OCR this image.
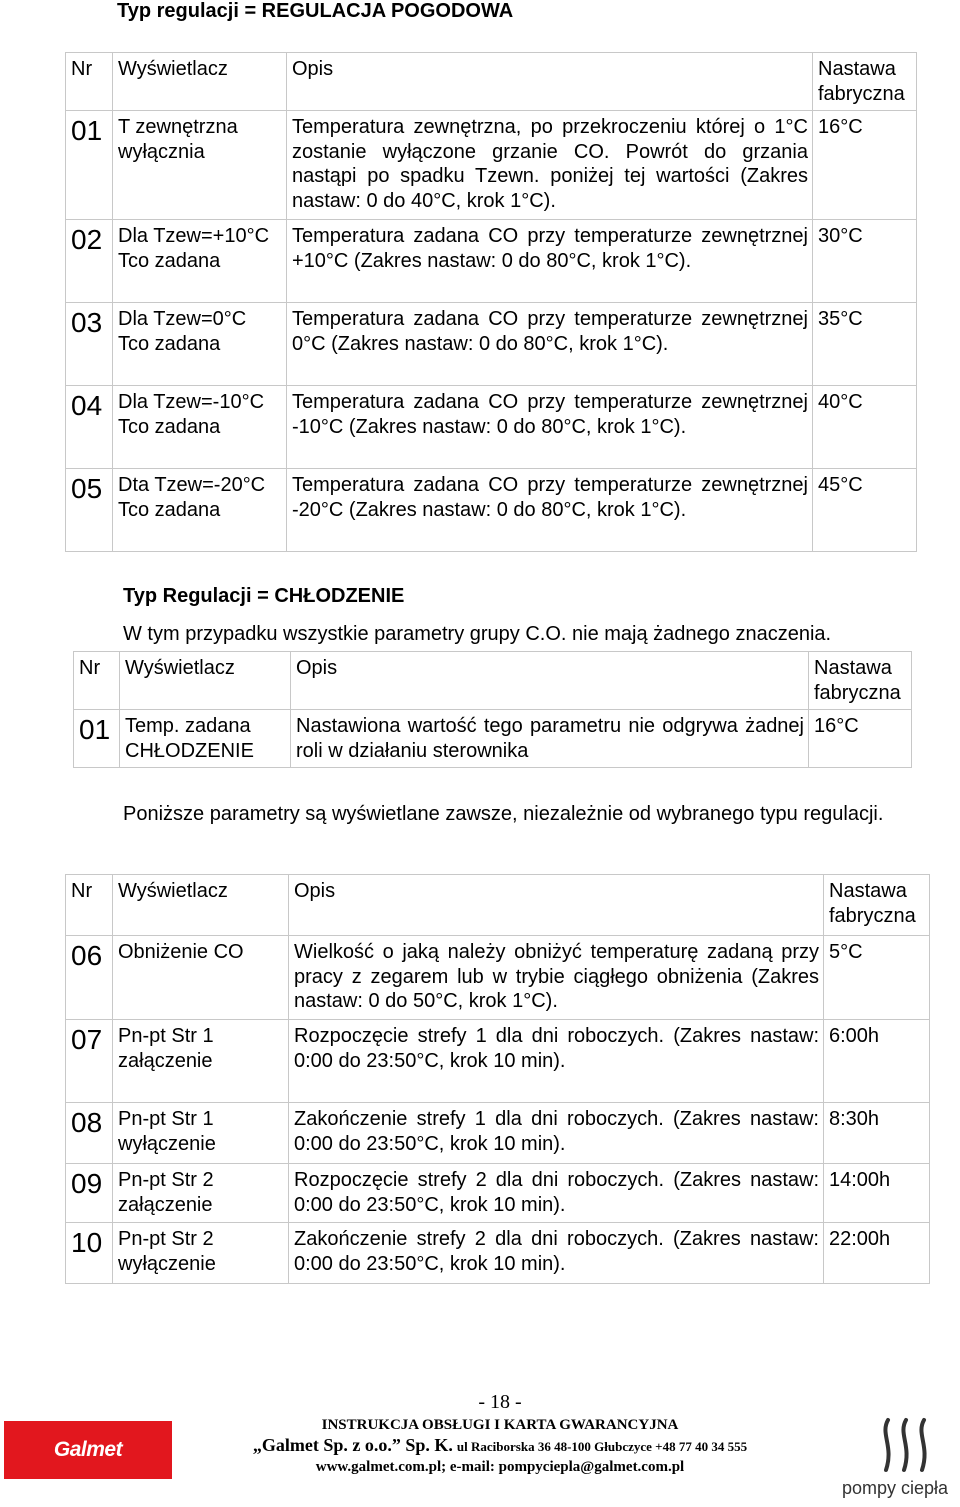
Typ regulacji = REGULACJA POGODOWA
Nr	Wyświetlacz	Opis	Nastawa fabryczna
01	T zewnętrzna wyłącznia	Temperatura zewnętrzna, po przekroczeniu której o 1°C zostanie wyłączone grzanie CO. Powrót do grzania nastąpi po spadku Tzewn. poniżej tej wartości (Zakres nastaw: 0 do 40°C, krok 1°C).	16°C
02	Dla Tzew=+10°C Tco zadana	Temperatura zadana CO przy temperaturze zewnętrznej +10°C (Zakres nastaw: 0 do 80°C, krok 1°C).	30°C
03	Dla Tzew=0°C Tco zadana	Temperatura zadana CO przy temperaturze zewnętrznej 0°C (Zakres nastaw: 0 do 80°C, krok 1°C).	35°C
04	Dla Tzew=-10°C Tco zadana	Temperatura zadana CO przy temperaturze zewnętrznej -10°C (Zakres nastaw: 0 do 80°C, krok 1°C).	40°C
05	Dta Tzew=-20°C Tco zadana	Temperatura zadana CO przy temperaturze zewnętrznej -20°C (Zakres nastaw: 0 do 80°C, krok 1°C).	45°C
Typ Regulacji = CHŁODZENIE
W tym przypadku wszystkie parametry grupy C.O. nie mają żadnego znaczenia.
Nr	Wyświetlacz	Opis	Nastawa fabryczna
01	Temp. zadana CHŁODZENIE	Nastawiona wartość tego parametru nie odgrywa żadnej roli w działaniu sterownika	16°C
Poniższe parametry są wyświetlane zawsze, niezależnie od wybranego typu regulacji.
Nr	Wyświetlacz	Opis	Nastawa fabryczna
06	Obniżenie CO	Wielkość o jaką należy obniżyć temperaturę zadaną przy pracy z zegarem lub w trybie ciągłego obniżenia (Zakres nastaw: 0 do 50°C, krok 1°C).	5°C
07	Pn-pt Str 1 załączenie	Rozpoczęcie strefy 1 dla dni roboczych. (Zakres nastaw: 0:00 do 23:50°C, krok 10 min).	6:00h
08	Pn-pt Str 1 wyłączenie	Zakończenie strefy 1 dla dni roboczych. (Zakres nastaw: 0:00 do 23:50°C, krok 10 min).	8:30h
09	Pn-pt Str 2 załączenie	Rozpoczęcie strefy 2 dla dni roboczych. (Zakres nastaw: 0:00 do 23:50°C, krok 10 min).	14:00h
10	Pn-pt Str 2 wyłączenie	Zakończenie strefy 2 dla dni roboczych. (Zakres nastaw: 0:00 do 23:50°C, krok 10 min).	22:00h
- 18 -
INSTRUKCJA OBSŁUGI I KARTA GWARANCYJNA
„Galmet Sp. z o.o.” Sp. K. ul Raciborska 36 48-100 Głubczyce +48 77 40 34 555
www.galmet.com.pl; e-mail: pompyciepla@galmet.com.pl
Galmet
pompy ciepła
